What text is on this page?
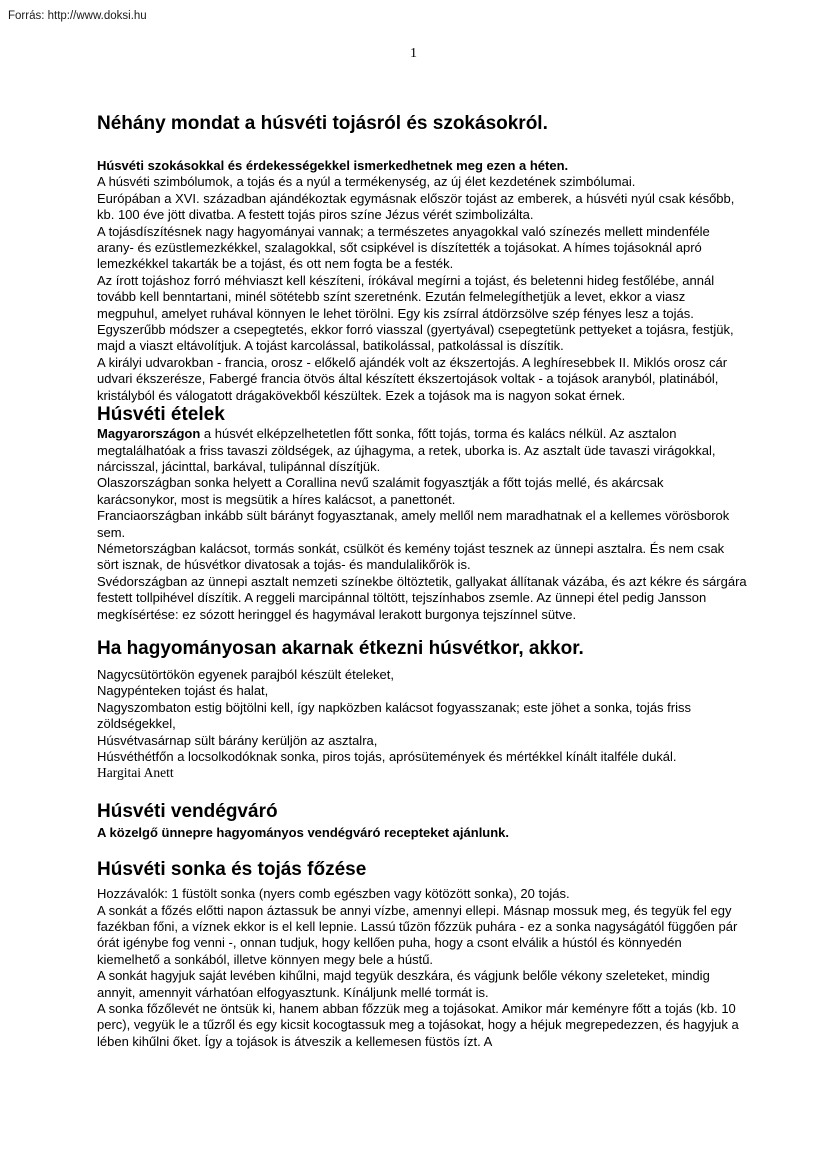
Forrás: http://www.doksi.hu
1
Néhány mondat a húsvéti tojásról és szokásokról.

Húsvéti szokásokkal és érdekességekkel ismerkedhetnek meg ezen a héten.

A húsvéti szimbólumok, a tojás és a nyúl a termékenység, az új élet kezdetének szimbólumai.

Európában a XVI. században ajándékoztak egymásnak először tojást az emberek, a húsvéti nyúl csak később, kb. 100 éve jött divatba. A festett tojás piros színe Jézus vérét szimbolizálta.

A tojásdíszítésnek nagy hagyományai vannak; a természetes anyagokkal való színezés mellett mindenféle arany- és ezüstlemezkékkel, szalagokkal, sőt csipkével is díszítették a tojásokat. A hímes tojásoknál apró lemezkékkel takarták be a tojást, és ott nem fogta be a festék.

Az írott tojáshoz forró méhviaszt kell készíteni, írókával megírni a tojást, és beletenni hideg festőlébe, annál tovább kell benntartani, minél sötétebb színt szeretnénk. Ezután felmelegíthetjük a levet, ekkor a viasz megpuhul, amelyet ruhával könnyen le lehet törölni. Egy kis zsírral átdörzsölve szép fényes lesz a tojás.

Egyszerűbb módszer a csepegtetés, ekkor forró viasszal (gyertyával) csepegtetünk pettyeket a tojásra, festjük, majd a viaszt eltávolítjuk. A tojást karcolással, batikolással, patkolással is díszítik.

A királyi udvarokban - francia, orosz - előkelő ajándék volt az ékszertojás. A leghíresebbek II. Miklós orosz cár udvari ékszerésze, Fabergé francia ötvös által készített ékszertojások voltak - a tojások aranyból, platinából, kristályból és válogatott drágakövekből készültek. Ezek a tojások ma is nagyon sokat érnek.

Húsvéti ételek

Magyarországon a húsvét elképzelhetetlen főtt sonka, főtt tojás, torma és kalács nélkül. Az asztalon megtalálhatóak a friss tavaszi zöldségek, az újhagyma, a retek, uborka is. Az asztalt üde tavaszi virágokkal, nárcisszal, jácinttal, barkával, tulipánnal díszítjük.

Olaszországban sonka helyett a Corallina nevű szalámit fogyasztják a főtt tojás mellé, és akárcsak karácsonykor, most is megsütik a híres kalácsot, a panettonét.

Franciaországban inkább sült bárányt fogyasztanak, amely mellől nem maradhatnak el a kellemes vörösborok sem.

Németországban kalácsot, tormás sonkát, csülköt és kemény tojást tesznek az ünnepi asztalra. És nem csak sört isznak, de húsvétkor divatosak a tojás- és mandulalikőrök is.

Svédországban az ünnepi asztalt nemzeti színekbe öltöztetik, gallyakat állítanak vázába, és azt kékre és sárgára festett tollpihével díszítik. A reggeli marcipánnal töltött, tejszínhabos zsemle. Az ünnepi étel pedig Jansson megkísértése: ez sózott heringgel és hagymával lerakott burgonya tejszínnel sütve.

Ha hagyományosan akarnak étkezni húsvétkor, akkor.

Nagycsütörtökön egyenek parajból készült ételeket,

Nagypénteken tojást és halat,

Nagyszombaton estig böjtölni kell, így napközben kalácsot fogyasszanak; este jöhet a sonka, tojás friss zöldségekkel,

Húsvétvasárnap sült bárány kerüljön az asztalra,

Húsvéthétfőn a locsolkodóknak sonka, piros tojás, aprósütemények és mértékkel kínált italféle dukál.

Hargitai Anett

Húsvéti vendégváró

A közelgő ünnepre hagyományos vendégváró recepteket ajánlunk.

Húsvéti sonka és tojás főzése

Hozzávalók: 1 füstölt sonka (nyers comb egészben vagy kötözött sonka), 20 tojás.

A sonkát a főzés előtti napon áztassuk be annyi vízbe, amennyi ellepi. Másnap mossuk meg, és tegyük fel egy fazékban főni, a víznek ekkor is el kell lepnie. Lassú tűzön főzzük puhára - ez a sonka nagyságától függően pár órát igénybe fog venni -, onnan tudjuk, hogy kellően puha, hogy a csont elválik a hústól és könnyedén kiemelhető a sonkából, illetve könnyen megy bele a hústű.

A sonkát hagyjuk saját levében kihűlni, majd tegyük deszkára, és vágjunk belőle vékony szeleteket, mindig annyit, amennyit várhatóan elfogyasztunk. Kínáljunk mellé tormát is.

A sonka főzőlevét ne öntsük ki, hanem abban főzzük meg a tojásokat. Amikor már keményre főtt a tojás (kb. 10 perc), vegyük le a tűzről és egy kicsit kocogtassuk meg a tojásokat, hogy a héjuk megrepedezzen, és hagyjuk a lében kihűlni őket. Így a tojások is átveszik a kellemesen füstös ízt. A
